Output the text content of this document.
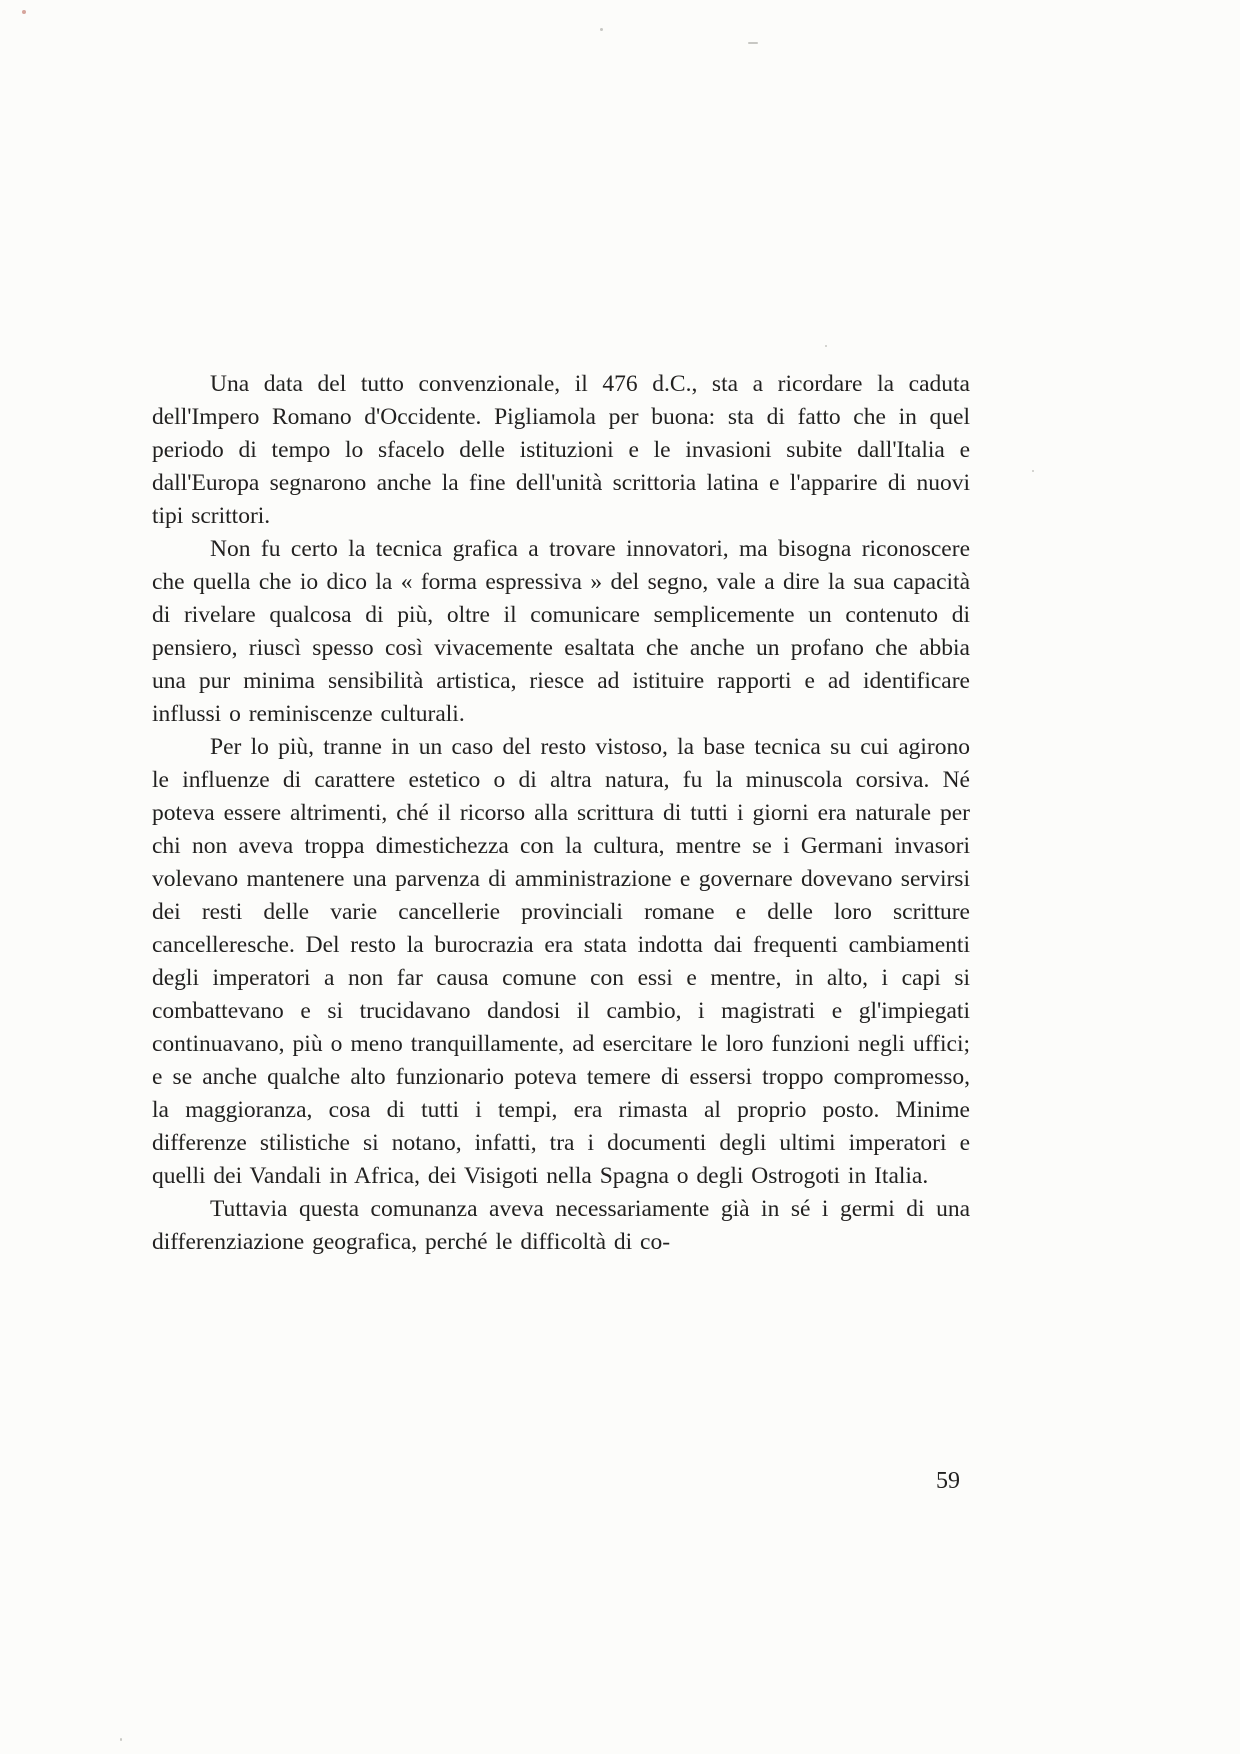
Una data del tutto convenzionale, il 476 d.C., sta a ricordare la caduta dell'Impero Romano d'Occidente. Pigliamola per buona: sta di fatto che in quel periodo di tempo lo sfacelo delle istituzioni e le invasioni subite dall'Italia e dall'Europa segnarono anche la fine dell'unità scrittoria latina e l'apparire di nuovi tipi scrittori.

Non fu certo la tecnica grafica a trovare innovatori, ma bisogna riconoscere che quella che io dico la « forma espressiva » del segno, vale a dire la sua capacità di rivelare qualcosa di più, oltre il comunicare semplicemente un contenuto di pensiero, riuscì spesso così vivacemente esaltata che anche un profano che abbia una pur minima sensibilità artistica, riesce ad istituire rapporti e ad identificare influssi o reminiscenze culturali.

Per lo più, tranne in un caso del resto vistoso, la base tecnica su cui agirono le influenze di carattere estetico o di altra natura, fu la minuscola corsiva. Né poteva essere altrimenti, ché il ricorso alla scrittura di tutti i giorni era naturale per chi non aveva troppa dimestichezza con la cultura, mentre se i Germani invasori volevano mantenere una parvenza di amministrazione e governare dovevano servirsi dei resti delle varie cancellerie provinciali romane e delle loro scritture cancelleresche. Del resto la burocrazia era stata indotta dai frequenti cambiamenti degli imperatori a non far causa comune con essi e mentre, in alto, i capi si combattevano e si trucidavano dandosi il cambio, i magistrati e gl'impiegati continuavano, più o meno tranquillamente, ad esercitare le loro funzioni negli uffici; e se anche qualche alto funzionario poteva temere di essersi troppo compromesso, la maggioranza, cosa di tutti i tempi, era rimasta al proprio posto. Minime differenze stilistiche si notano, infatti, tra i documenti degli ultimi imperatori e quelli dei Vandali in Africa, dei Visigoti nella Spagna o degli Ostrogoti in Italia.

Tuttavia questa comunanza aveva necessariamente già in sé i germi di una differenziazione geografica, perché le difficoltà di co-

59
